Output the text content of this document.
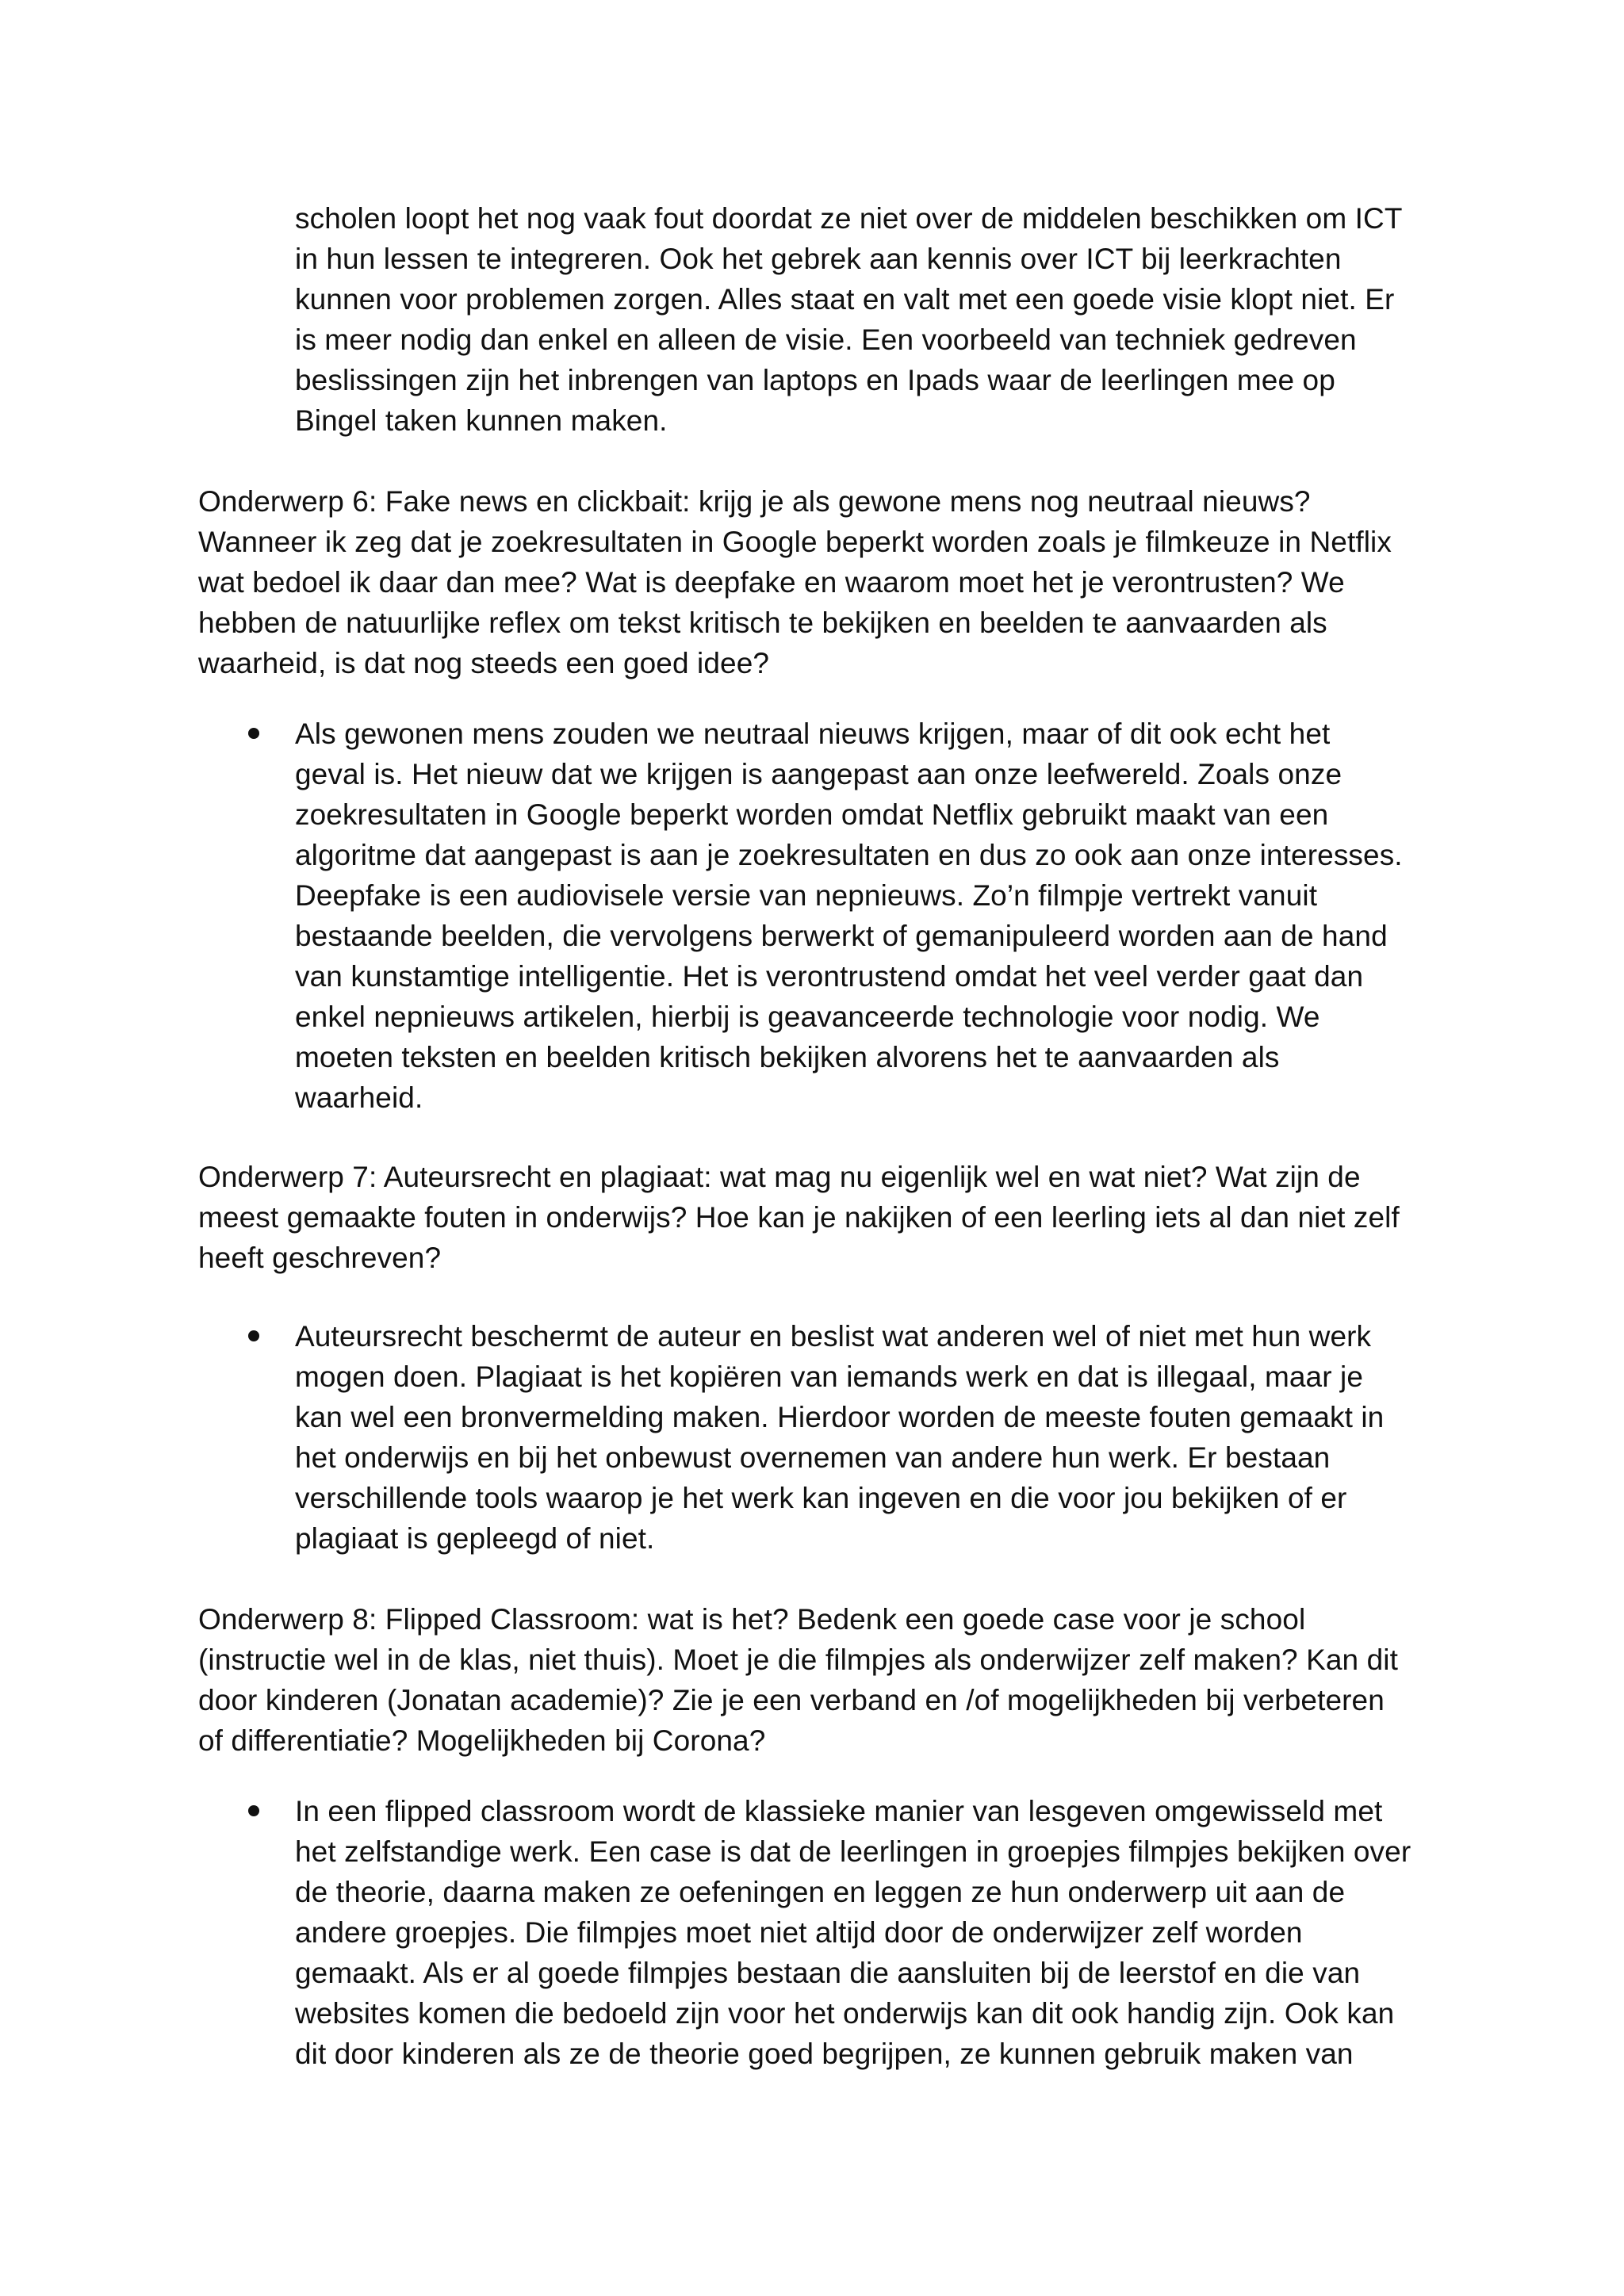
scholen loopt het nog vaak fout doordat ze niet over de middelen beschikken om ICT
in hun lessen te integreren. Ook het gebrek aan kennis over ICT bij leerkrachten
kunnen voor problemen zorgen. Alles staat en valt met een goede visie klopt niet. Er
is meer nodig dan enkel en alleen de visie. Een voorbeeld van techniek gedreven
beslissingen zijn het inbrengen van laptops en Ipads waar de leerlingen mee op
Bingel taken kunnen maken.
Onderwerp 6: Fake news en clickbait: krijg je als gewone mens nog neutraal nieuws?
Wanneer ik zeg dat je zoekresultaten in Google beperkt worden zoals je filmkeuze in Netflix
wat bedoel ik daar dan mee? Wat is deepfake en waarom moet het je verontrusten? We
hebben de natuurlijke reflex om tekst kritisch te bekijken en beelden te aanvaarden als
waarheid, is dat nog steeds een goed idee?
Als gewonen mens zouden we neutraal nieuws krijgen, maar of dit ook echt het
geval is. Het nieuw dat we krijgen is aangepast aan onze leefwereld. Zoals onze
zoekresultaten in Google beperkt worden omdat Netflix gebruikt maakt van een
algoritme dat aangepast is aan je zoekresultaten en dus zo ook aan onze interesses.
Deepfake is een audiovisele versie van nepnieuws. Zo’n filmpje vertrekt vanuit
bestaande beelden, die vervolgens berwerkt of gemanipuleerd worden aan de hand
van kunstamtige intelligentie. Het is verontrustend omdat het veel verder gaat dan
enkel nepnieuws artikelen, hierbij is geavanceerde technologie voor nodig. We
moeten teksten en beelden kritisch bekijken alvorens het te aanvaarden als
waarheid.
Onderwerp 7: Auteursrecht en plagiaat: wat mag nu eigenlijk wel en wat niet? Wat zijn de
meest gemaakte fouten in onderwijs? Hoe kan je nakijken of een leerling iets al dan niet zelf
heeft geschreven?
Auteursrecht beschermt de auteur en beslist wat anderen wel of niet met hun werk
mogen doen. Plagiaat is het kopiëren van iemands werk en dat is illegaal, maar je
kan wel een bronvermelding maken. Hierdoor worden de meeste fouten gemaakt in
het onderwijs en bij het onbewust overnemen van andere hun werk. Er bestaan
verschillende tools waarop je het werk kan ingeven en die voor jou bekijken of er
plagiaat is gepleegd of niet.
Onderwerp 8: Flipped Classroom: wat is het? Bedenk een goede case voor je school
(instructie wel in de klas, niet thuis). Moet je die filmpjes als onderwijzer zelf maken? Kan dit
door kinderen (Jonatan academie)? Zie je een verband en /of mogelijkheden bij verbeteren
of differentiatie? Mogelijkheden bij Corona?
In een flipped classroom wordt de klassieke manier van lesgeven omgewisseld met
het zelfstandige werk. Een case is dat de leerlingen in groepjes filmpjes bekijken over
de theorie, daarna maken ze oefeningen en leggen ze hun onderwerp uit aan de
andere groepjes. Die filmpjes moet niet altijd door de onderwijzer zelf worden
gemaakt. Als er al goede filmpjes bestaan die aansluiten bij de leerstof en die van
websites komen die bedoeld zijn voor het onderwijs kan dit ook handig zijn. Ook kan
dit door kinderen als ze de theorie goed begrijpen, ze kunnen gebruik maken van
